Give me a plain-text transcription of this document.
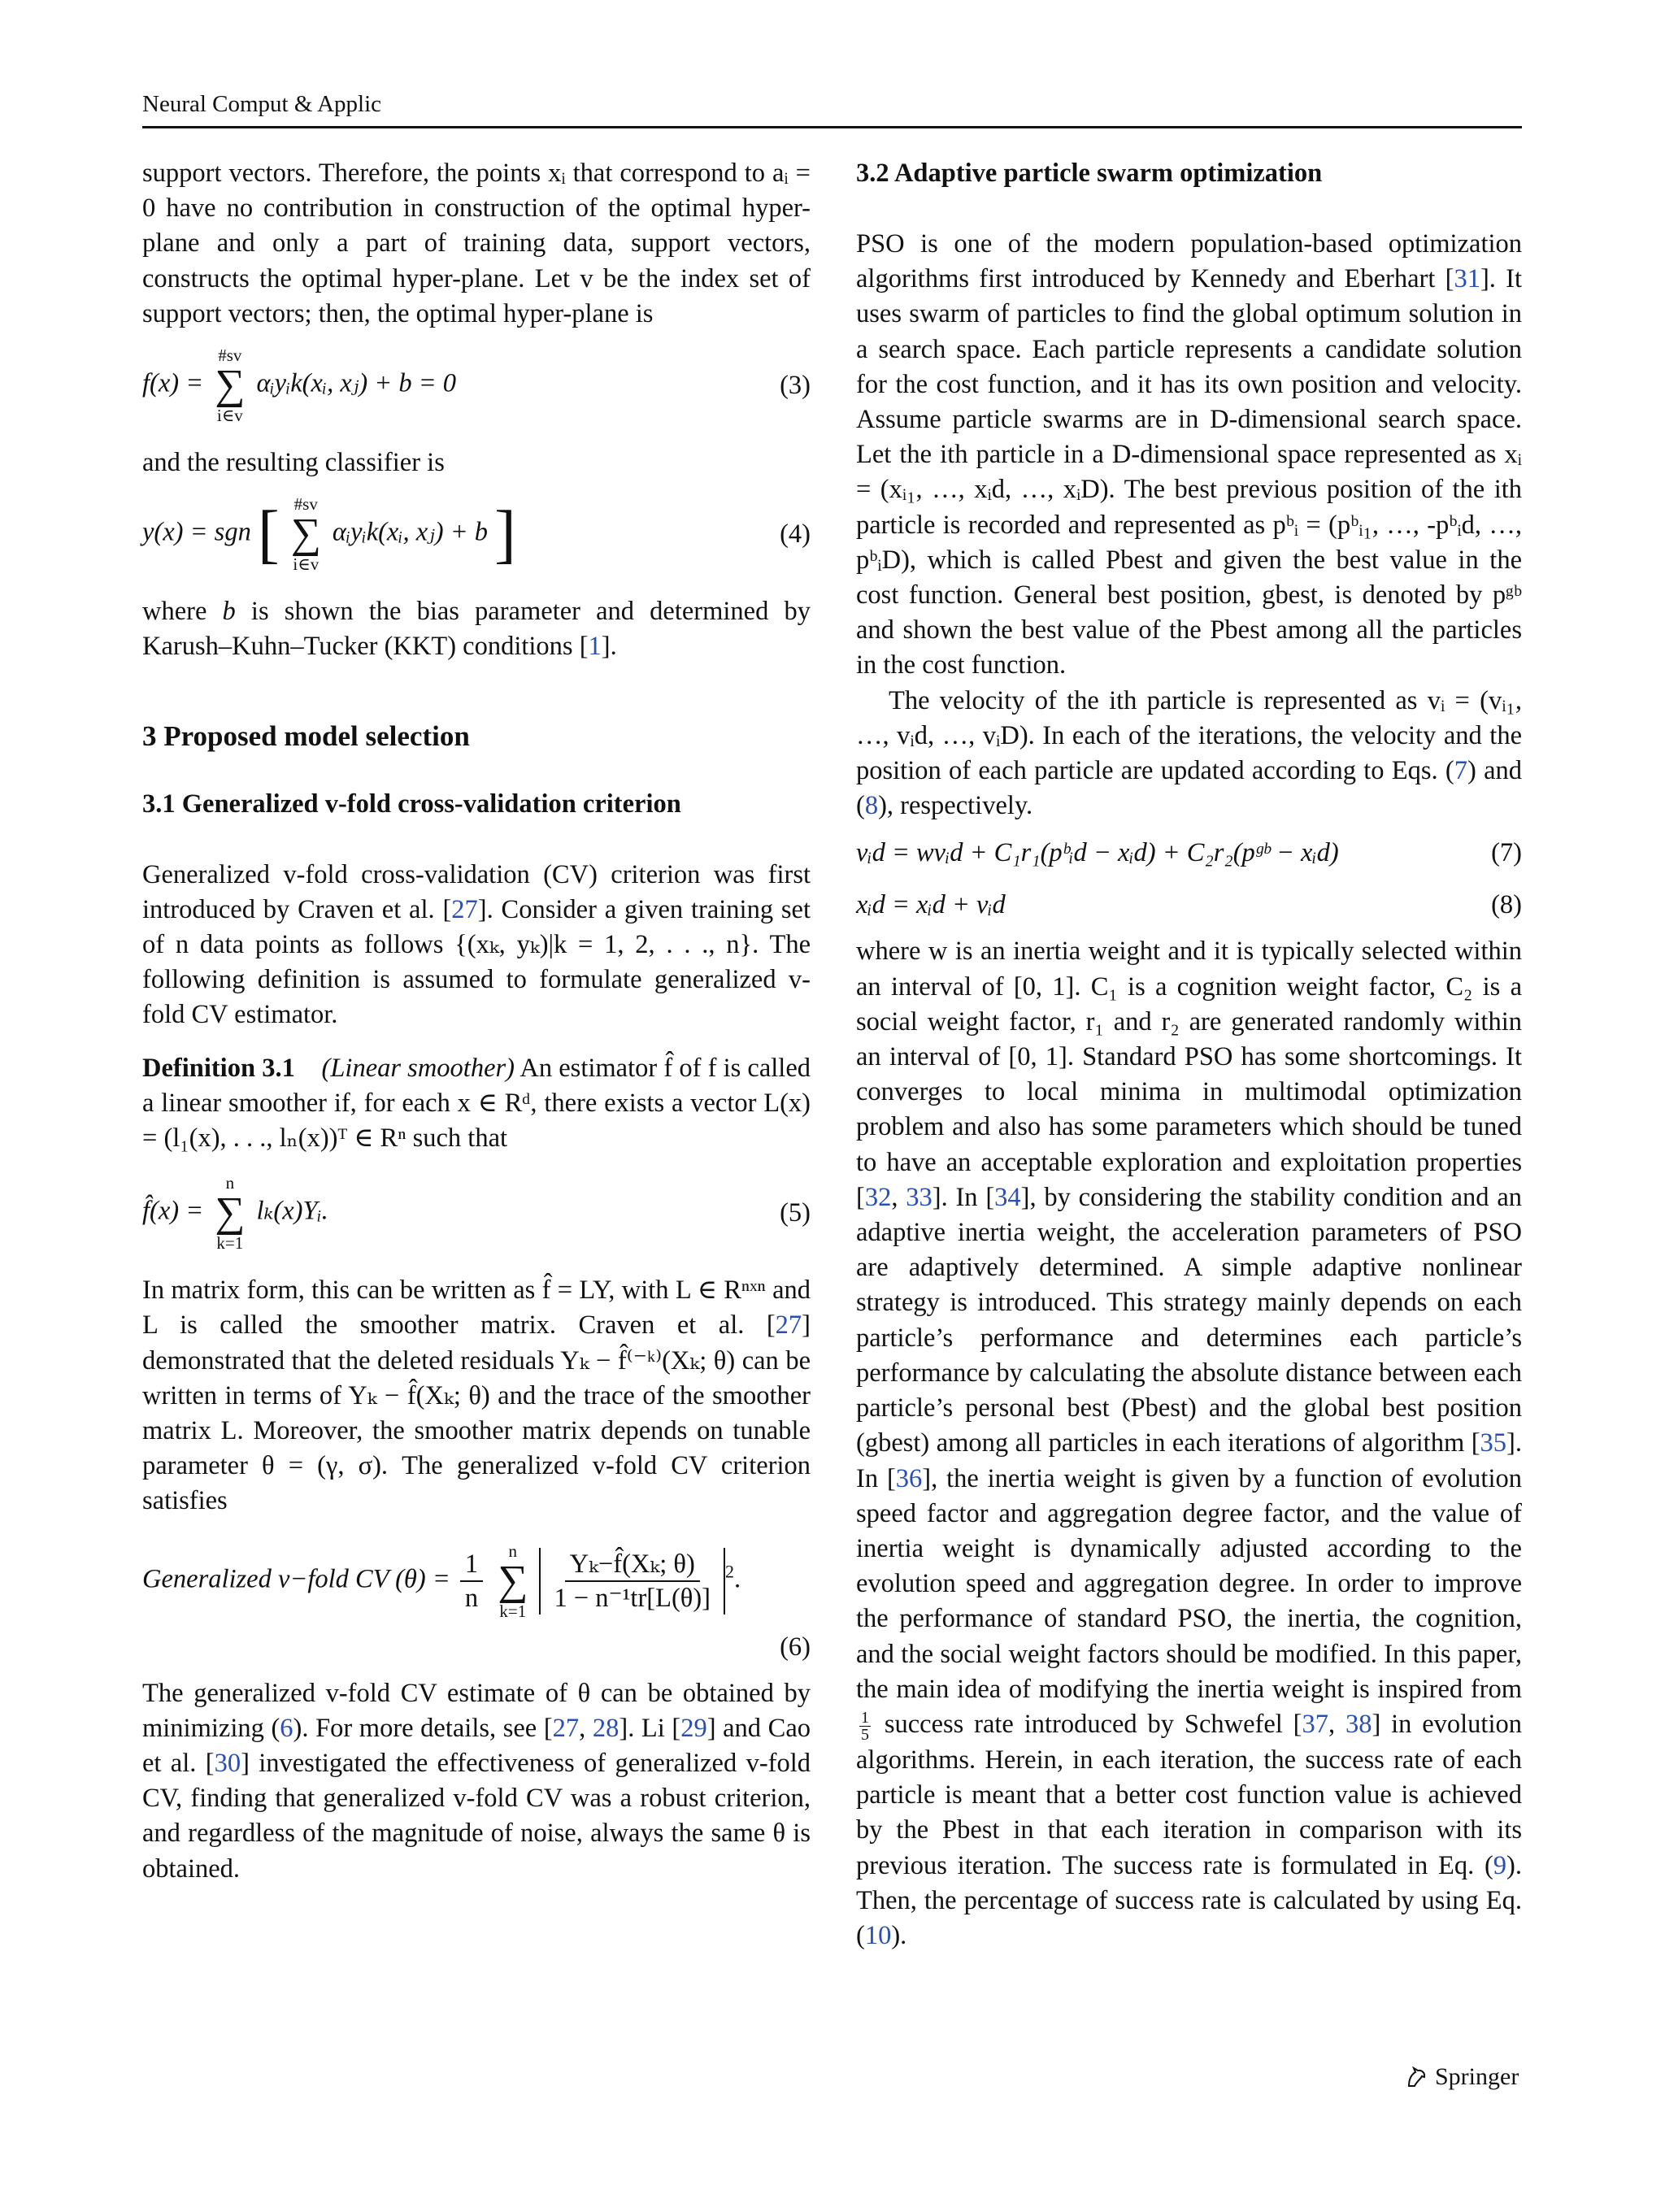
Neural Comput & Applic

support vectors. Therefore, the points xᵢ that correspond to aᵢ = 0 have no contribution in construction of the optimal hyper-plane and only a part of training data, support vectors, constructs the optimal hyper-plane. Let v be the index set of support vectors; then, the optimal hyper-plane is

f(x) =
#sv
∑
i∈v
αᵢyᵢk(xᵢ, xⱼ) + b = 0	(3)

and the resulting classifier is

y(x) = sgn [ #sv
∑
i∈v
αᵢyᵢk(xᵢ, xⱼ) + b ]	(4)

where b is shown the bias parameter and determined by Karush–Kuhn–Tucker (KKT) conditions [1].

3 Proposed model selection
3.1 Generalized v-fold cross-validation criterion

Generalized v-fold cross-validation (CV) criterion was first introduced by Craven et al. [27]. Consider a given training set of n data points as follows {(xₖ, yₖ)|k = 1, 2, . . ., n}. The following definition is assumed to formulate generalized v-fold CV estimator.

Definition 3.1 (Linear smoother) An estimator f̂ of f is called a linear smoother if, for each x ∈ Rᵈ, there exists a vector L(x) = (l₁(x), . . ., lₙ(x))ᵀ ∈ Rⁿ such that

f̂(x) =
n
∑
k=1
lₖ(x)Yᵢ.	(5)

In matrix form, this can be written as f̂ = LY, with L ∈ Rⁿˣⁿ and L is called the smoother matrix. Craven et al. [27] demonstrated that the deleted residuals Yₖ − f̂⁽⁻ᵏ⁾(Xₖ; θ) can be written in terms of Yₖ − f̂(Xₖ; θ) and the trace of the smoother matrix L. Moreover, the smoother matrix depends on tunable parameter θ = (γ, σ). The generalized v-fold CV criterion satisfies

Generalized v−fold CV $(\theta) = \frac{1}{n}$
n
∑
k=1
$\frac{\text{Yₖ−f̂(Xₖ; θ)}}{\text{1 − n⁻¹tr[L(θ)]}} ^2$.
(6)

The generalized v-fold CV estimate of θ can be obtained by minimizing (6). For more details, see [27, 28]. Li [29] and Cao et al. [30] investigated the effectiveness of generalized v-fold CV, finding that generalized v-fold CV was a robust criterion, and regardless of the magnitude of noise, always the same θ is obtained.

3.2 Adaptive particle swarm optimization

PSO is one of the modern population-based optimization algorithms first introduced by Kennedy and Eberhart [31]. It uses swarm of particles to find the global optimum solution in a search space. Each particle represents a candidate solution for the cost function, and it has its own position and velocity. Assume particle swarms are in D-dimensional search space. Let the ith particle in a D-dimensional space represented as xᵢ = (xᵢ₁, …, xᵢd, …, xᵢD). The best previous position of the ith particle is recorded and represented as pᵇᵢ = (pᵇᵢ₁, …, -pᵇᵢd, …, pᵇᵢD), which is called Pbest and given the best value in the cost function. General best position, gbest, is denoted by pᵍᵇ and shown the best value of the Pbest among all the particles in the cost function.

The velocity of the ith particle is represented as vᵢ = (vᵢ₁, …, vᵢd, …, vᵢD). In each of the iterations, the velocity and the position of each particle are updated according to Eqs. (7) and (8), respectively.

vᵢd = wvᵢd + C₁r₁(pᵇᵢd − xᵢd) + C₂r₂(pᵍᵇ − xᵢd)	(7)
xᵢd = xᵢd + vᵢd	(8)

where w is an inertia weight and it is typically selected within an interval of [0, 1]. C₁ is a cognition weight factor, C₂ is a social weight factor, r₁ and r₂ are generated randomly within an interval of [0, 1]. Standard PSO has some shortcomings. It converges to local minima in multimodal optimization problem and also has some parameters which should be tuned to have an acceptable exploration and exploitation properties [32, 33]. In [34], by considering the stability condition and an adaptive inertia weight, the acceleration parameters of PSO are adaptively determined. A simple adaptive nonlinear strategy is introduced. This strategy mainly depends on each particle’s performance and determines each particle’s performance by calculating the absolute distance between each particle’s personal best (Pbest) and the global best position (gbest) among all particles in each iterations of algorithm [35]. In [36], the inertia weight is given by a function of evolution speed factor and aggregation degree factor, and the value of inertia weight is dynamically adjusted according to the evolution speed and aggregation degree. In order to improve the performance of standard PSO, the inertia, the cognition, and the social weight factors should be modified. In this paper, the main idea of modifying the inertia weight is inspired from
$\frac{1}{5}$ success rate introduced by Schwefel [37, 38] in evolution algorithms. Herein, in each iteration, the success rate of each particle is meant that a better cost function value is achieved by the Pbest in that each iteration in comparison with its previous iteration. The success rate is formulated in Eq. (9). Then, the percentage of success rate is calculated by using Eq. (10).

Springer
